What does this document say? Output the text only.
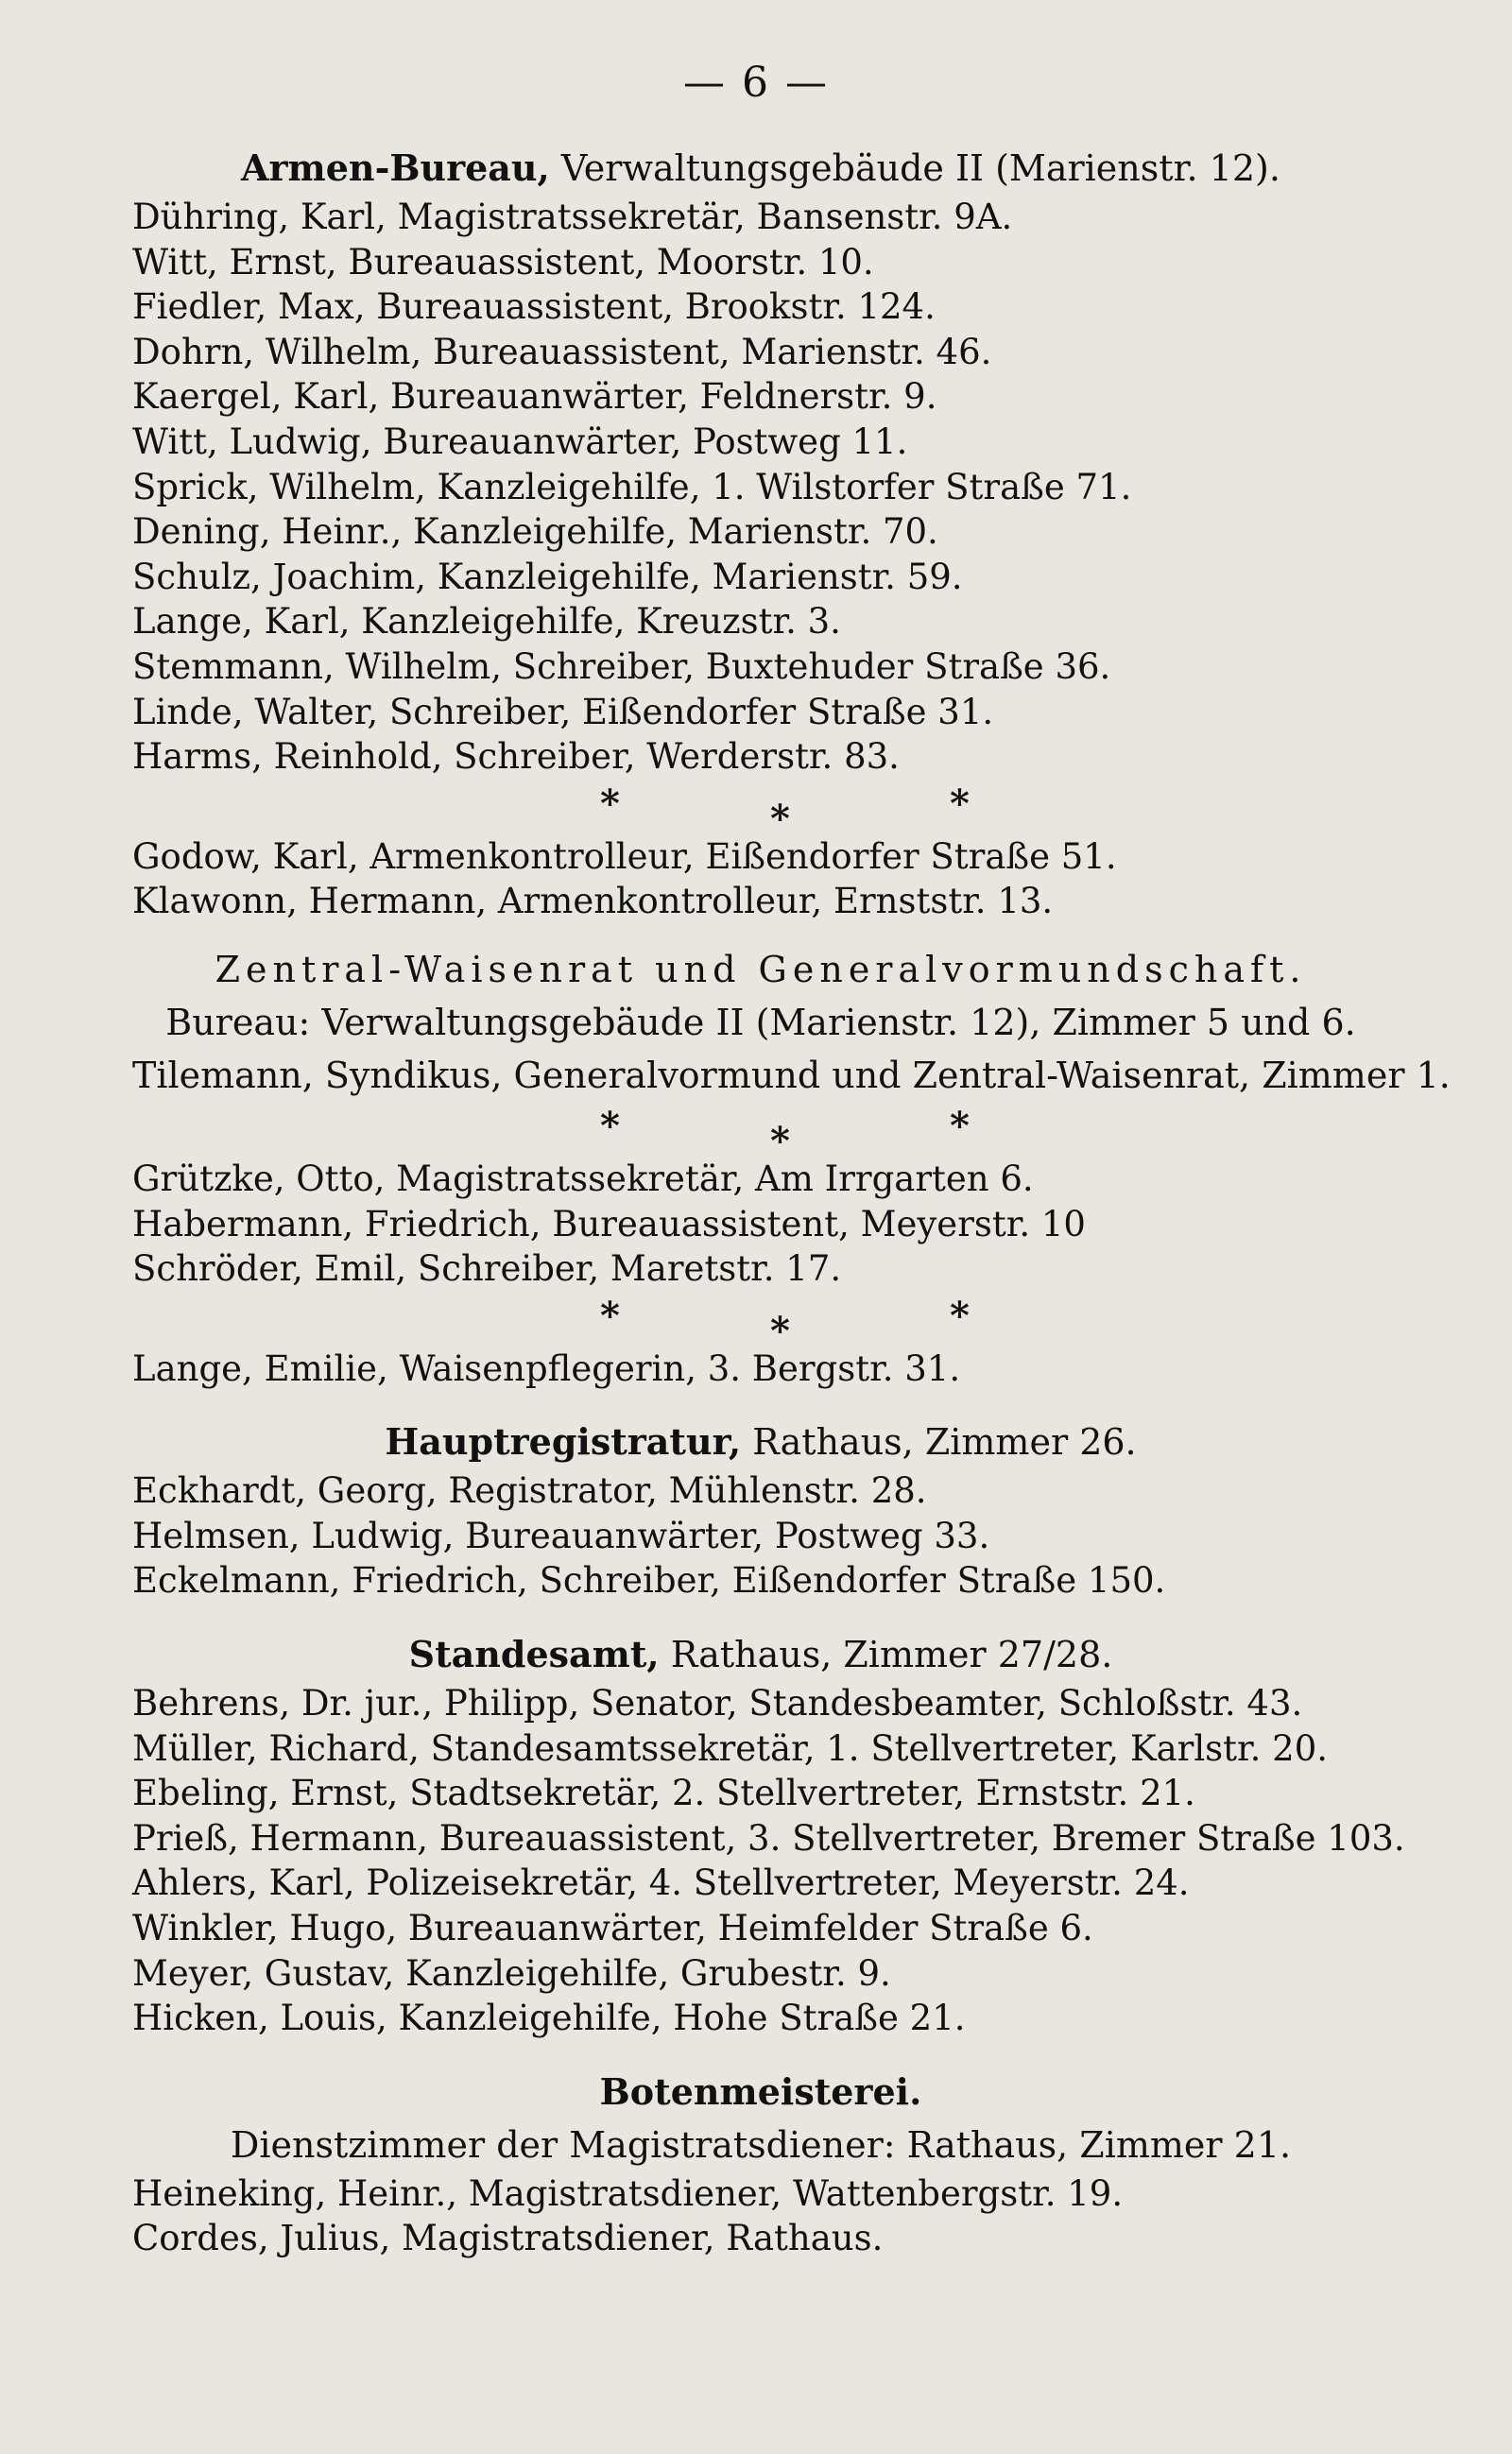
— 6 —
Armen-Bureau, Verwaltungsgebäude II (Marienstr. 12).
Dühring, Karl, Magistratssekretär, Bansenstr. 9A.
Witt, Ernst, Bureauassistent, Moorstr. 10.
Fiedler, Max, Bureauassistent, Brookstr. 124.
Dohrn, Wilhelm, Bureauassistent, Marienstr. 46.
Kaergel, Karl, Bureauanwärter, Feldnerstr. 9.
Witt, Ludwig, Bureauanwärter, Postweg 11.
Sprick, Wilhelm, Kanzleigehilfe, 1. Wilstorfer Straße 71.
Dening, Heinr., Kanzleigehilfe, Marienstr. 70.
Schulz, Joachim, Kanzleigehilfe, Marienstr. 59.
Lange, Karl, Kanzleigehilfe, Kreuzstr. 3.
Stemmann, Wilhelm, Schreiber, Buxtehuder Straße 36.
Linde, Walter, Schreiber, Eißendorfer Straße 31.
Harms, Reinhold, Schreiber, Werderstr. 83.
*	*	*
Godow, Karl, Armenkontrolleur, Eißendorfer Straße 51.
Klawonn, Hermann, Armenkontrolleur, Ernststr. 13.
Zentral-Waisenrat und Generalvormundschaft.
Bureau: Verwaltungsgebäude II (Marienstr. 12), Zimmer 5 und 6.
Tilemann, Syndikus, Generalvormund und Zentral-Waisenrat, Zimmer 1.
*	*	*
Grützke, Otto, Magistratssekretär, Am Irrgarten 6.
Habermann, Friedrich, Bureauassistent, Meyerstr. 10
Schröder, Emil, Schreiber, Maretstr. 17.
*	*	*
Lange, Emilie, Waisenpflegerin, 3. Bergstr. 31.
Hauptregistratur, Rathaus, Zimmer 26.
Eckhardt, Georg, Registrator, Mühlenstr. 28.
Helmsen, Ludwig, Bureauanwärter, Postweg 33.
Eckelmann, Friedrich, Schreiber, Eißendorfer Straße 150.
Standesamt, Rathaus, Zimmer 27/28.
Behrens, Dr. jur., Philipp, Senator, Standesbeamter, Schloßstr. 43.
Müller, Richard, Standesamtssekretär, 1. Stellvertreter, Karlstr. 20.
Ebeling, Ernst, Stadtsekretär, 2. Stellvertreter, Ernststr. 21.
Prieß, Hermann, Bureauassistent, 3. Stellvertreter, Bremer Straße 103.
Ahlers, Karl, Polizeisekretär, 4. Stellvertreter, Meyerstr. 24.
Winkler, Hugo, Bureauanwärter, Heimfelder Straße 6.
Meyer, Gustav, Kanzleigehilfe, Grubestr. 9.
Hicken, Louis, Kanzleigehilfe, Hohe Straße 21.
Botenmeisterei.
Dienstzimmer der Magistratsdiener: Rathaus, Zimmer 21.
Heineking, Heinr., Magistratsdiener, Wattenbergstr. 19.
Cordes, Julius, Magistratsdiener, Rathaus.
